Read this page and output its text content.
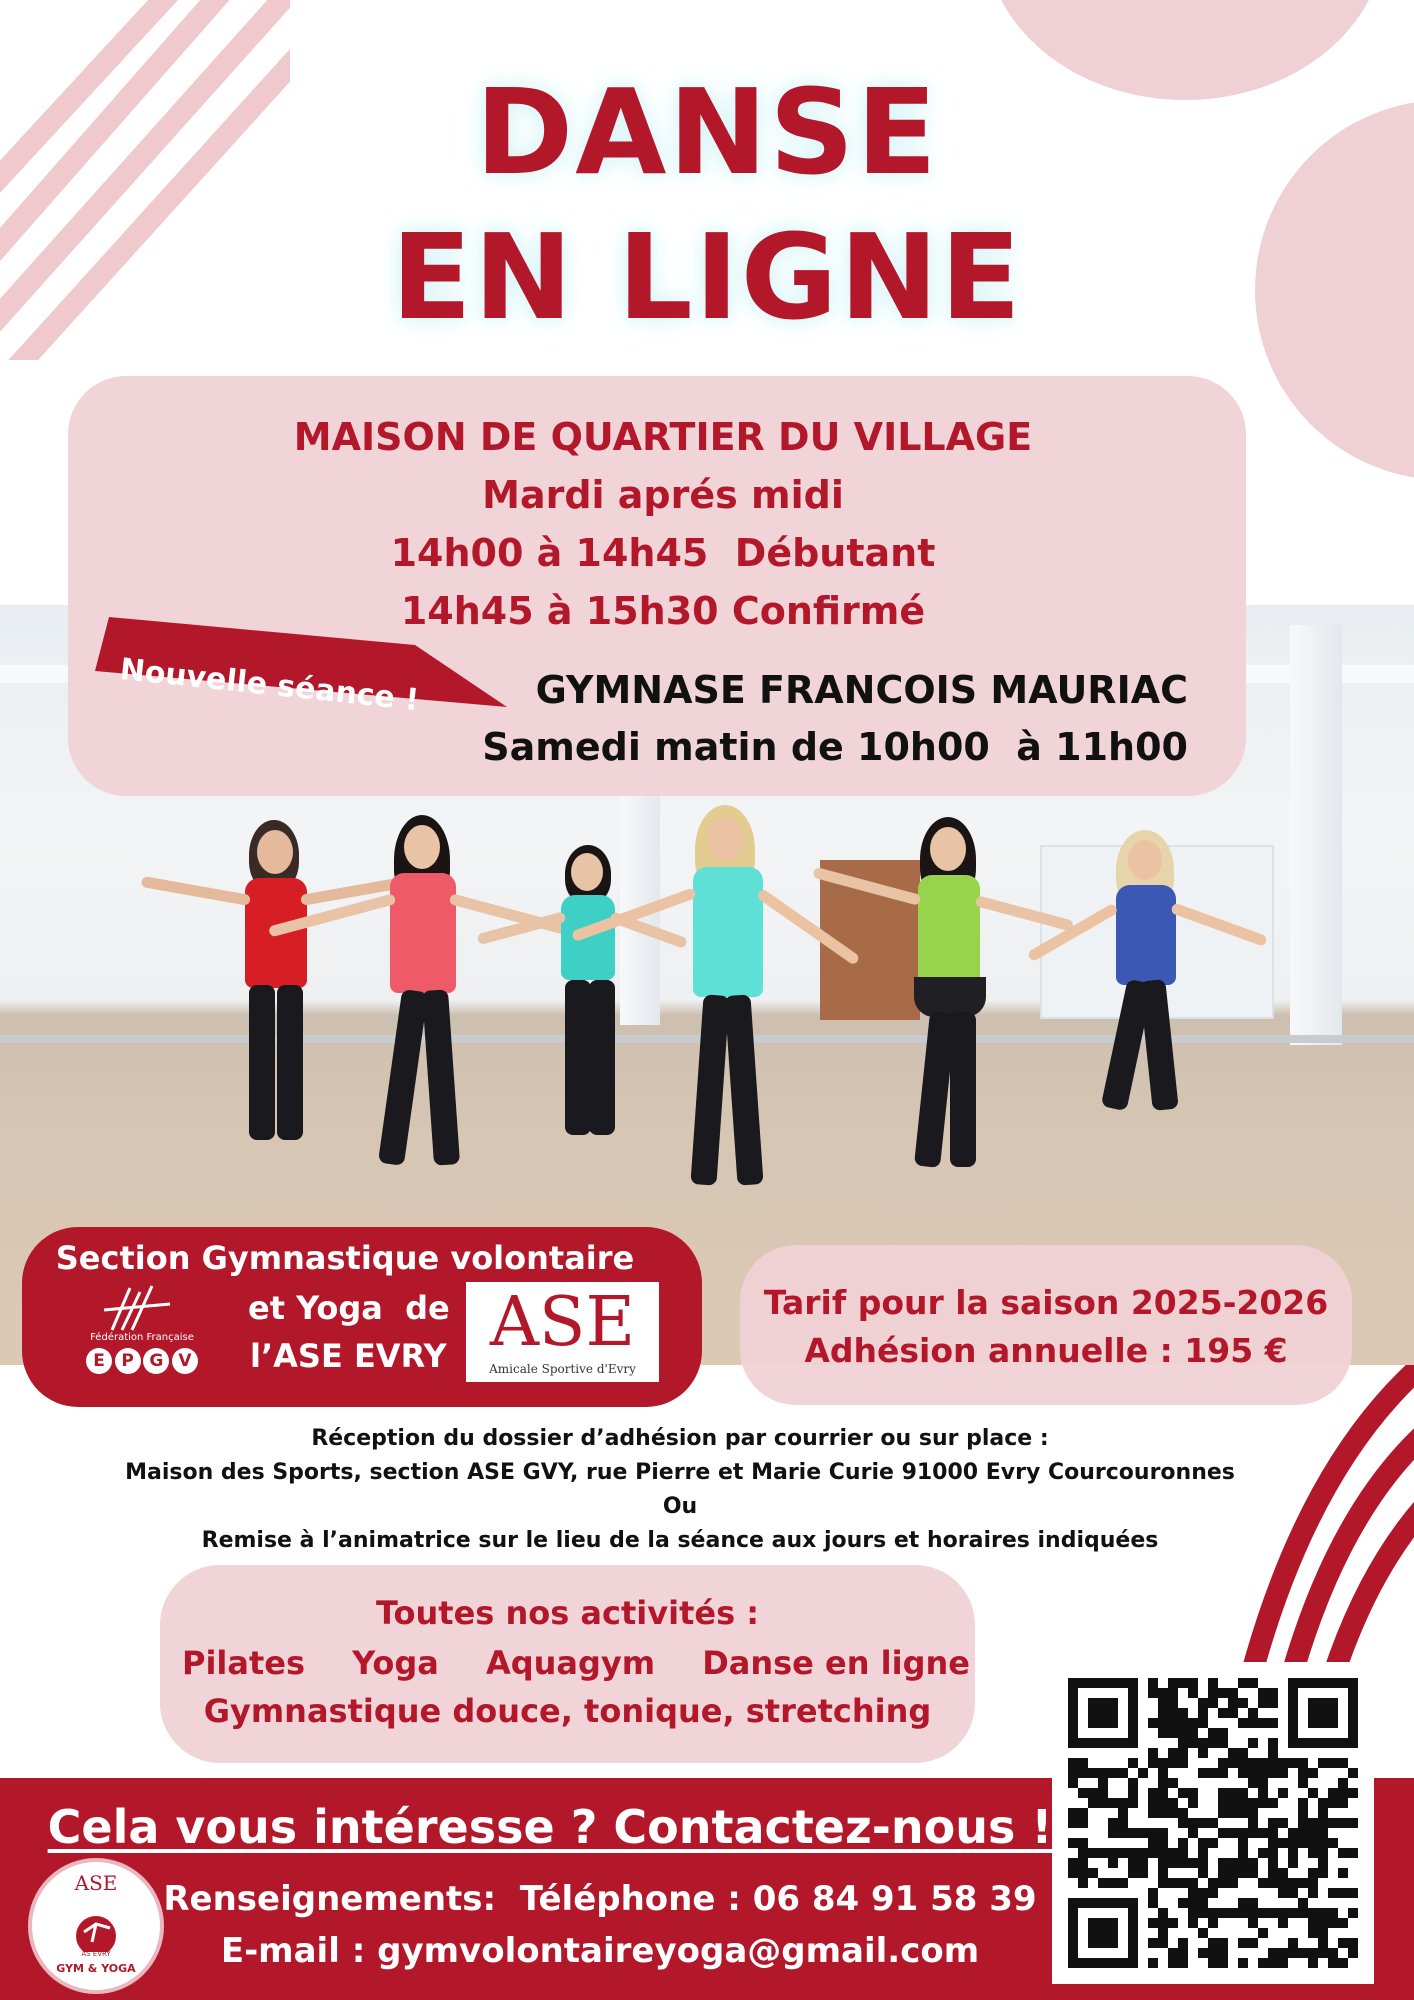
DANSE
EN LIGNE
MAISON DE QUARTIER DU VILLAGE
Mardi aprés midi
14h00 à 14h45  Débutant
14h45 à 15h30 Confirmé
Nouvelle séance !	GYMNASE FRANCOIS MAURIAC
Samedi matin de 10h00  à 11h00
Section Gymnastique volontaire
et Yoga  de
l’ASE EVRY
Fédération Française
E P G V	ASE
Amicale Sportive d'Evry
Tarif pour la saison 2025-2026
Adhésion annuelle : 195 €
Réception du dossier d’adhésion par courrier ou sur place :
Maison des Sports, section ASE GVY, rue Pierre et Marie Curie 91000 Evry Courcouronnes
Ou
Remise à l’animatrice sur le lieu de la séance aux jours et horaires indiquées
Toutes nos activités :
Pilates Yoga Aquagym Danse en ligne
Gymnastique douce, tonique, stretching
Cela vous intéresse ? Contactez-nous !
Renseignements:  Téléphone : 06 84 91 58 39
E-mail : gymvolontaireyoga@gmail.com
ASE
AS EVRY
GYM & YOGA
